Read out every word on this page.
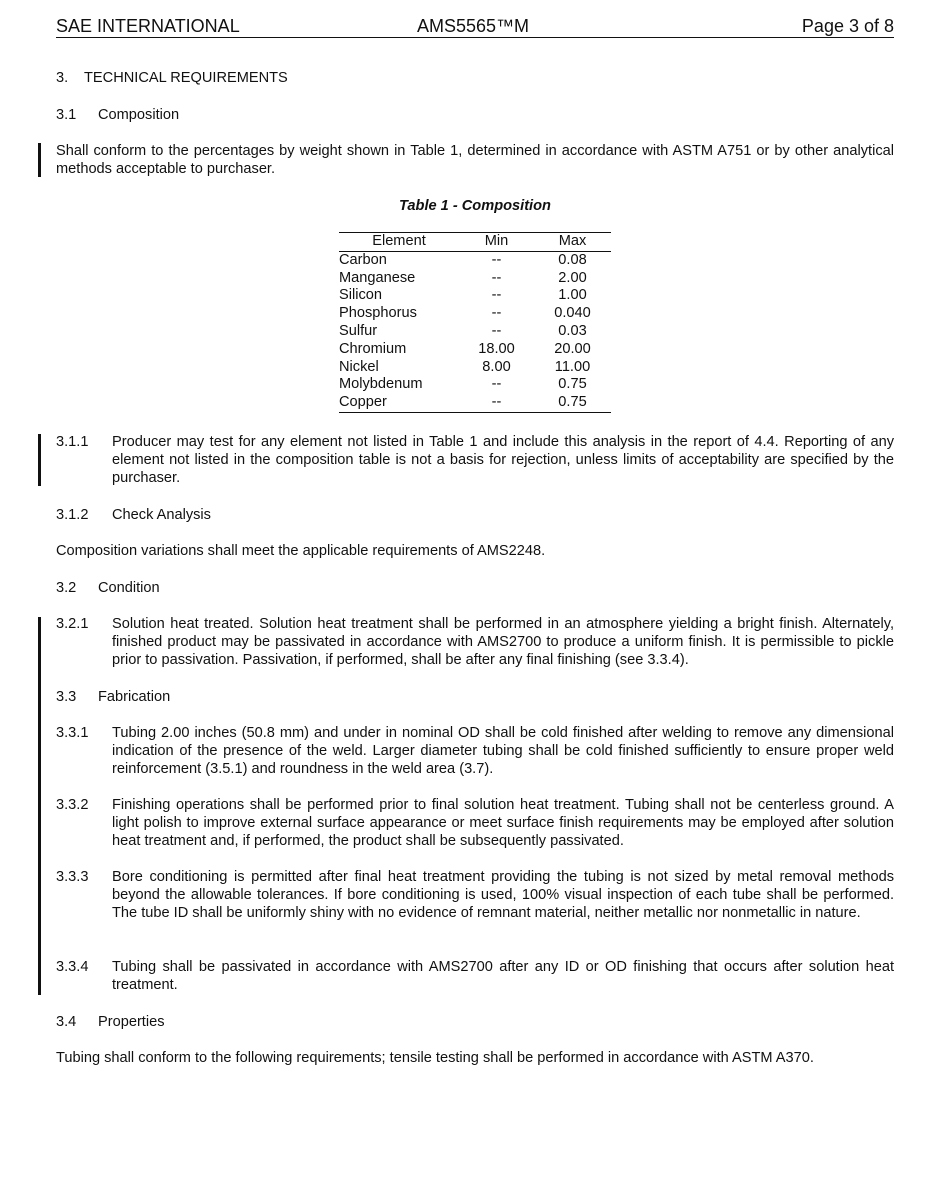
SAE INTERNATIONAL	AMS5565™M	Page 3 of 8
3. TECHNICAL REQUIREMENTS
3.1 Composition
Shall conform to the percentages by weight shown in Table 1, determined in accordance with ASTM A751 or by other analytical methods acceptable to purchaser.
Table 1 - Composition
Element	Min	Max
Carbon	--	0.08
Manganese	--	2.00
Silicon	--	1.00
Phosphorus	--	0.040
Sulfur	--	0.03
Chromium	18.00	20.00
Nickel	8.00	11.00
Molybdenum	--	0.75
Copper	--	0.75
3.1.1 Producer may test for any element not listed in Table 1 and include this analysis in the report of 4.4. Reporting of any element not listed in the composition table is not a basis for rejection, unless limits of acceptability are specified by the purchaser.
3.1.2 Check Analysis
Composition variations shall meet the applicable requirements of AMS2248.
3.2 Condition
3.2.1 Solution heat treated. Solution heat treatment shall be performed in an atmosphere yielding a bright finish. Alternately, finished product may be passivated in accordance with AMS2700 to produce a uniform finish. It is permissible to pickle prior to passivation. Passivation, if performed, shall be after any final finishing (see 3.3.4).
3.3 Fabrication
3.3.1 Tubing 2.00 inches (50.8 mm) and under in nominal OD shall be cold finished after welding to remove any dimensional indication of the presence of the weld. Larger diameter tubing shall be cold finished sufficiently to ensure proper weld reinforcement (3.5.1) and roundness in the weld area (3.7).
3.3.2 Finishing operations shall be performed prior to final solution heat treatment. Tubing shall not be centerless ground. A light polish to improve external surface appearance or meet surface finish requirements may be employed after solution heat treatment and, if performed, the product shall be subsequently passivated.
3.3.3 Bore conditioning is permitted after final heat treatment providing the tubing is not sized by metal removal methods beyond the allowable tolerances. If bore conditioning is used, 100% visual inspection of each tube shall be performed. The tube ID shall be uniformly shiny with no evidence of remnant material, neither metallic nor nonmetallic in nature.
3.3.4 Tubing shall be passivated in accordance with AMS2700 after any ID or OD finishing that occurs after solution heat treatment.
3.4 Properties
Tubing shall conform to the following requirements; tensile testing shall be performed in accordance with ASTM A370.
